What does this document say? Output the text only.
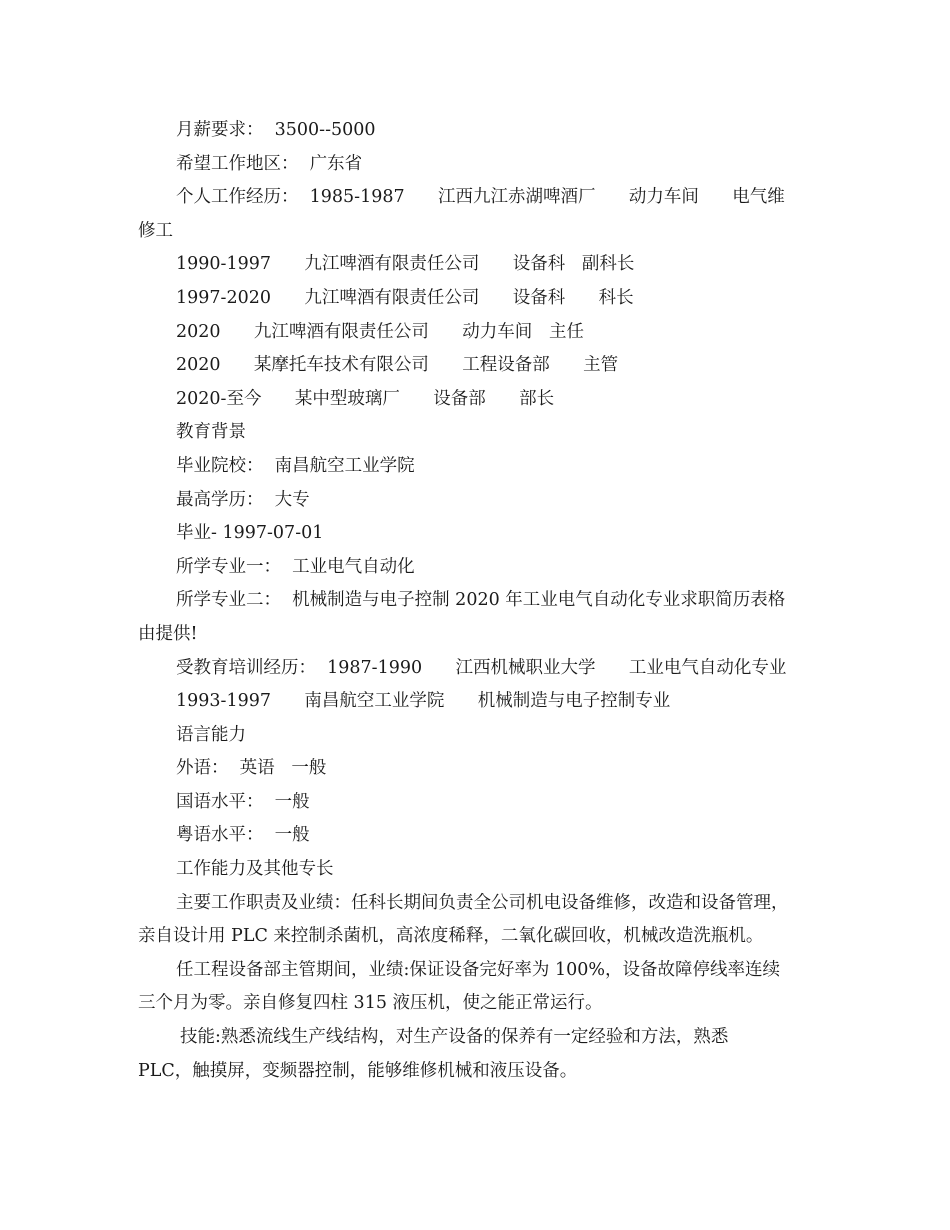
月薪要求：  3500--5000
希望工作地区：  广东省
个人工作经历：  1985-1987      江西九江赤湖啤酒厂      动力车间      电气维
修工
1990-1997      九江啤酒有限责任公司      设备科   副科长
1997-2020      九江啤酒有限责任公司      设备科      科长
2020      九江啤酒有限责任公司      动力车间   主任
2020      某摩托车技术有限公司      工程设备部      主管
2020-至今      某中型玻璃厂      设备部      部长
教育背景
毕业院校：  南昌航空工业学院
最高学历：  大专
毕业- 1997-07-01
所学专业一：  工业电气自动化
所学专业二：  机械制造与电子控制 2020 年工业电气自动化专业求职简历表格
由提供!
受教育培训经历：  1987-1990      江西机械职业大学      工业电气自动化专业
1993-1997      南昌航空工业学院      机械制造与电子控制专业
语言能力
外语：  英语   一般
国语水平：  一般
粤语水平：  一般
工作能力及其他专长
主要工作职责及业绩：任科长期间负责全公司机电设备维修，改造和设备管理，
亲自设计用 PLC 来控制杀菌机，高浓度稀释，二氧化碳回收，机械改造洗瓶机。
任工程设备部主管期间，业绩:保证设备完好率为 100%，设备故障停线率连续
三个月为零。亲自修复四柱 315 液压机，使之能正常运行。
技能:熟悉流线生产线结构，对生产设备的保养有一定经验和方法，熟悉
PLC，触摸屏，变频器控制，能够维修机械和液压设备。
